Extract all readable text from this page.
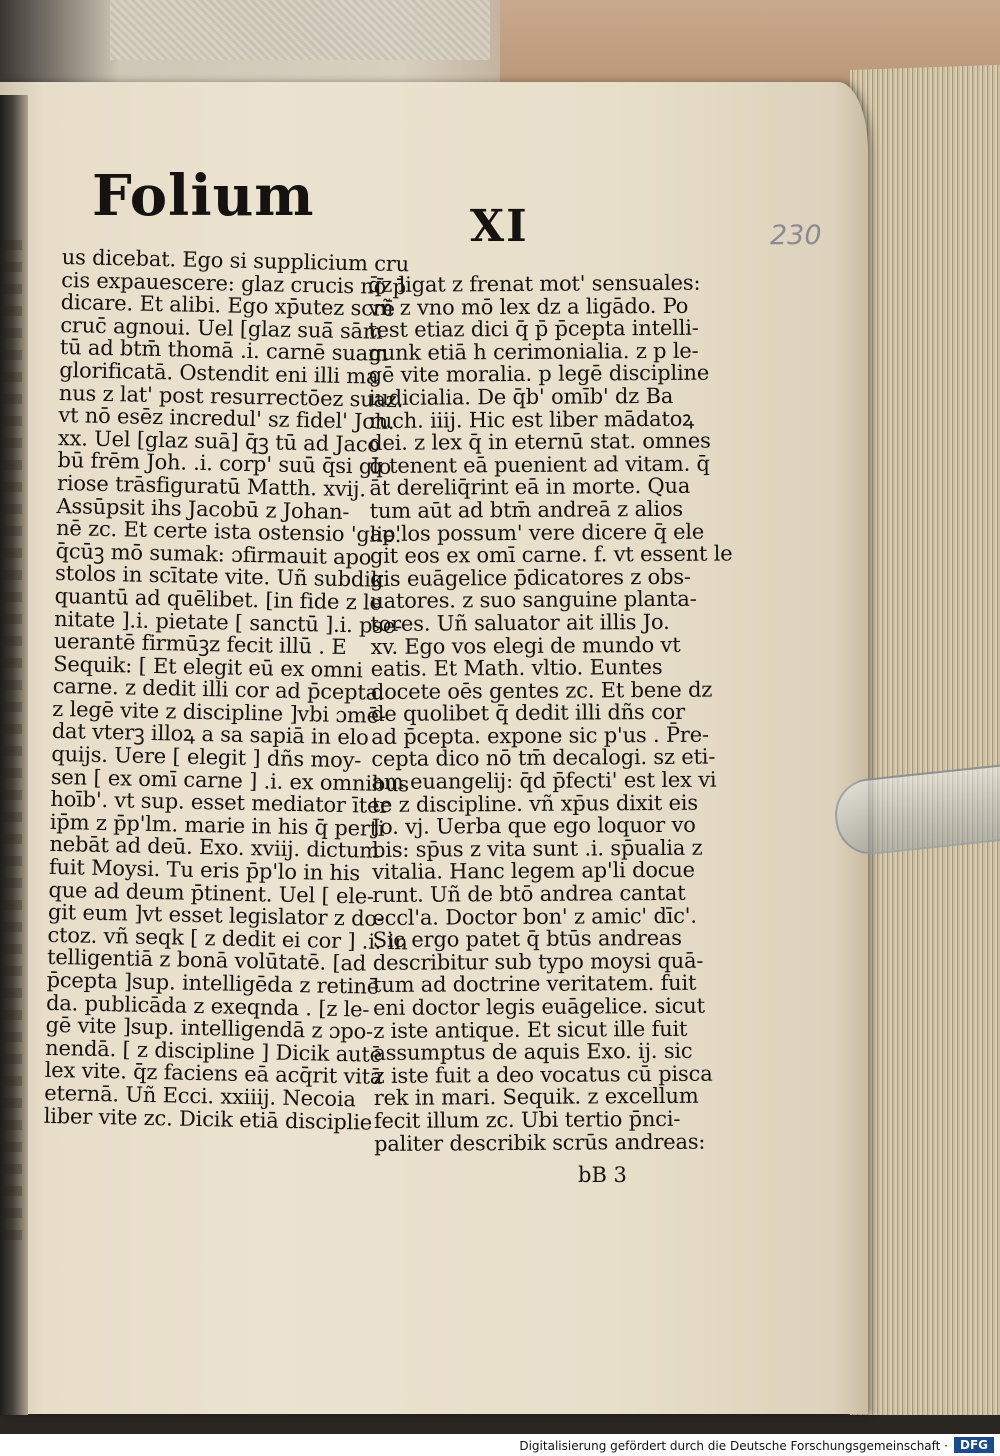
Folium	XI	230
us dicebat. Ego si supplicium cru
cis expauescere: glaz crucis nō p̄
dicare. Et alibi. Ego xp̄utez scrē
cruc̄ agnoui. Uel [glaz suā̄ sām
tū ad btm̄ thomā .i. carnē suam
glorificatā. Ostendit eni illi ma
nus z lat' post resurrectōez suaz.
vt nō esēz incredul' sz fidel' Joh.
xx. Uel [glaz suā] q̄ꝫ tū ad Jaco
bū frēm Joh. .i. corp' suū q̄si glo
riose trāsfiguratū Matth. xvij.
Assūpsit ihs Jacobū z Johan-
nē zc. Et certe ista ostensio 'glie.
q̄cūꝫ mō sumak: ɔfirmauit apo
stolos in scītate vite. Uñ subdik
quantū ad quēlibet. [in fide z le
nitate ].i. pietate [ sanctū ].i. pse-
uerantē firmūꝫz fecit illū . E
Sequik: [ Et elegit eū ex omni
carne. z dedit illi cor ad p̄cepta.
z legē vite z discipline ]vbi ɔmē-
dat vterꝫ illoꝝ a sa sapiā in elo
quijs. Uere [ elegit ] dñs moy-
sen [ ex omī carne ] .i. ex omnibus
hoīb'. vt sup. esset mediator īter
ip̄m z p̄p'lm. marie in his q̄ perti
nebāt ad deū. Exo. xviij. dictum
fuit Moysi. Tu eris p̄p'lo in his
que ad deum p̄tinent. Uel [ ele-
git eum ]vt esset legislator z do-
ctoz. vñ seqk [ z dedit ei cor ] .i. in
telligentiā z bonā volūtatē. [ad
p̄cepta ]sup. intelligēda z retinē
da. publicāda z exeqnda . [z le-
gē vite ]sup. intelligendā z ɔpo-
nendā. [ z discipline ] Dicik autē
lex vite. q̄z faciens eā acq̄rit vitā
eternā. Uñ Ecci. xxiiij. Necoia
liber vite zc. Dicik etiā disciplie
q̄z ligat z frenat mot' sensuales:
vñ z vno mō lex dz a ligādo. Po
test etiaz dici q̄ p̄ p̄cepta intelli-
gunk etiā h cerimonialia. z p le-
gē vite moralia. p legē discipline
iudicialia. De q̄b' omīb' dz Ba
ruch. iiij. Hic est liber mādatoꝝ
dei. z lex q̄ in eternū stat. omnes
q̄ tenent eā puenient ad vitam. q̄
āt dereliq̄rint eā in morte. Qua
tum aūt ad btm̄ andreā z alios
ap'los possum' vere dicere q̄ ele
git eos ex omī carne. f. vt essent le
gis euāgelice p̄dicatores z obs-
uatores. z suo sanguine planta-
tores. Uñ saluator ait illis Jo.
xv. Ego vos elegi de mundo vt
eatis. Et Math. vltio. Euntes
docete oēs gentes zc. Et bene dz
de quolibet q̄ dedit illi dñs cor
ad p̄cepta. expone sic p'us . P̄re-
cepta dico nō tm̄ decalogi. sz eti-
am euangelij: q̄d p̄fecti' est lex vi
te z discipline. vñ xp̄us dixit eis
Jo. vj. Uerba que ego loquor vo
bis: sp̄us z vita sunt .i. sp̄ualia z
vitalia. Hanc legem ap'li docue
runt. Uñ de btō andrea cantat
eccl'a. Doctor bon' z amic' dīc'.
Sic ergo patet q̄ btūs andreas
describitur sub typo moysi quā-
tum ad doctrine veritatem. fuit
eni doctor legis euāgelice. sicut
z iste antique. Et sicut ille fuit
assumptus de aquis Exo. ij. sic
z iste fuit a deo vocatus cū pisca
rek in mari. Sequik. z excellum
fecit illum zc. Ubi tertio p̄nci-
paliter describik scrūs andreas:
bB 3
Digitalisierung gefördert durch die Deutsche Forschungsgemeinschaft · DFG
